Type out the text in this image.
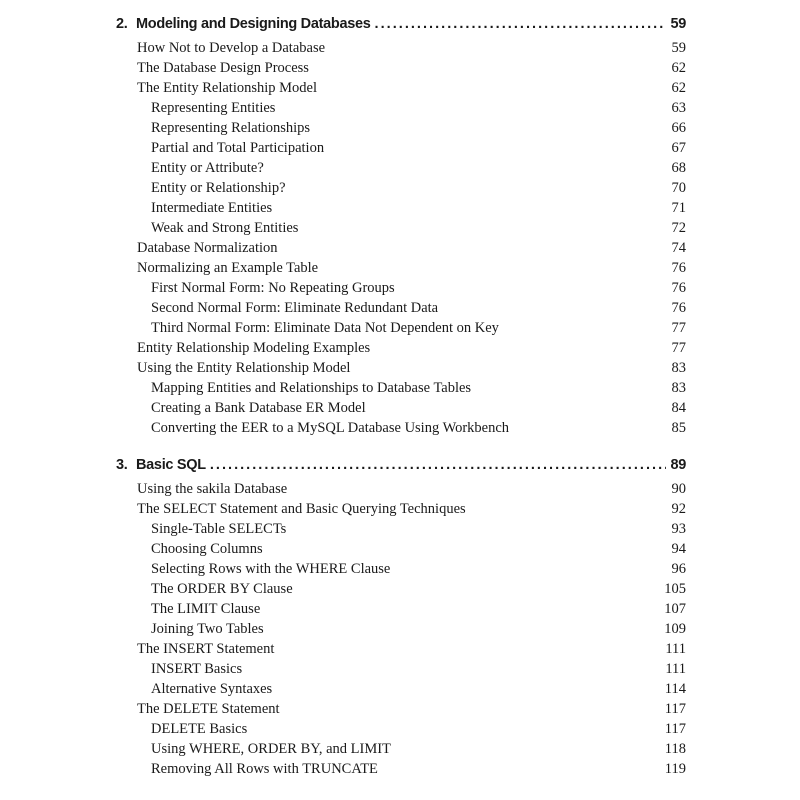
2. Modeling and Designing Databases . . .	59
How Not to Develop a Database	59
The Database Design Process	62
The Entity Relationship Model	62
Representing Entities	63
Representing Relationships	66
Partial and Total Participation	67
Entity or Attribute?	68
Entity or Relationship?	70
Intermediate Entities	71
Weak and Strong Entities	72
Database Normalization	74
Normalizing an Example Table	76
First Normal Form: No Repeating Groups	76
Second Normal Form: Eliminate Redundant Data	76
Third Normal Form: Eliminate Data Not Dependent on Key	77
Entity Relationship Modeling Examples	77
Using the Entity Relationship Model	83
Mapping Entities and Relationships to Database Tables	83
Creating a Bank Database ER Model	84
Converting the EER to a MySQL Database Using Workbench	85
3. Basic SQL . . .	89
Using the sakila Database	90
The SELECT Statement and Basic Querying Techniques	92
Single-Table SELECTs	93
Choosing Columns	94
Selecting Rows with the WHERE Clause	96
The ORDER BY Clause	105
The LIMIT Clause	107
Joining Two Tables	109
The INSERT Statement	111
INSERT Basics	111
Alternative Syntaxes	114
The DELETE Statement	117
DELETE Basics	117
Using WHERE, ORDER BY, and LIMIT	118
Removing All Rows with TRUNCATE	119
